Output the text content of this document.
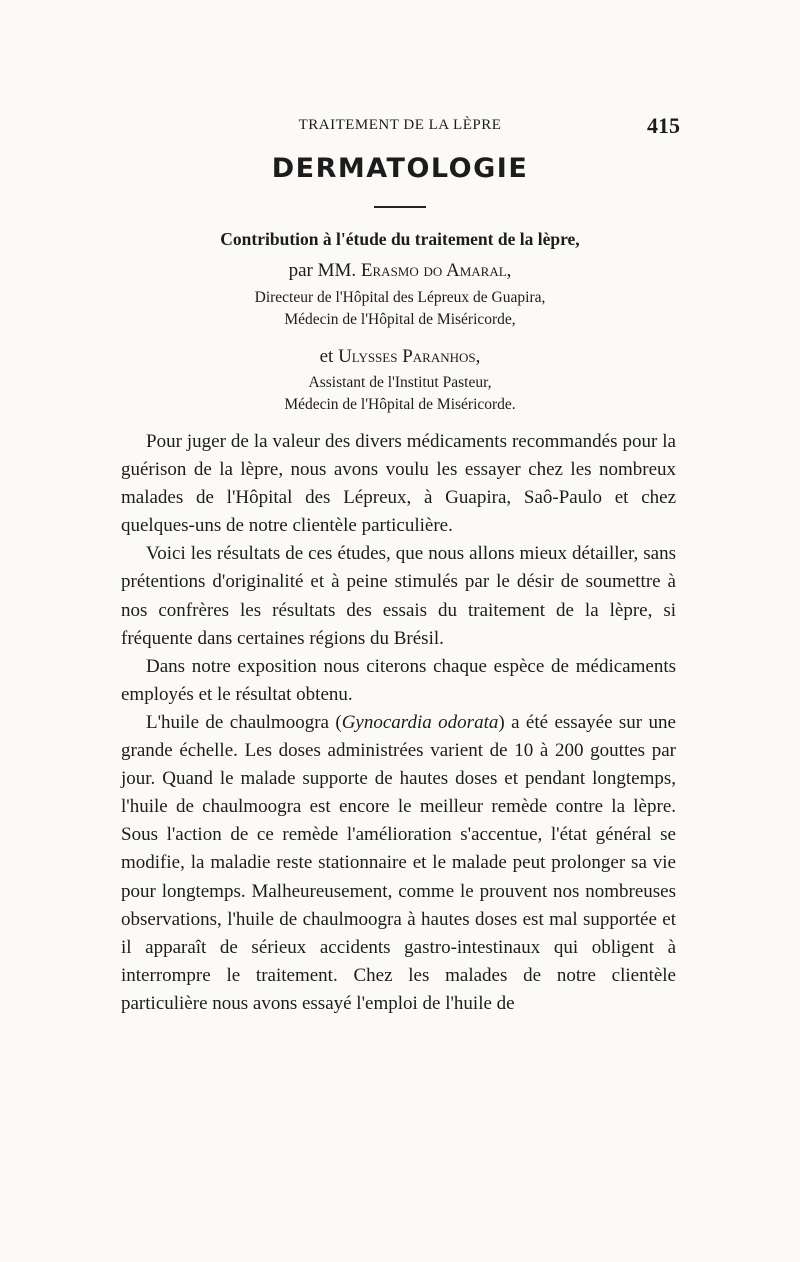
TRAITEMENT DE LA LÈPRE	415
DERMATOLOGIE
Contribution à l'étude du traitement de la lèpre,
par MM. Erasmo do Amaral,
Directeur de l'Hôpital des Lépreux de Guapira,
Médecin de l'Hôpital de Miséricorde,
et Ulysses Paranhos,
Assistant de l'Institut Pasteur,
Médecin de l'Hôpital de Miséricorde.

Pour juger de la valeur des divers médicaments recommandés pour la guérison de la lèpre, nous avons voulu les essayer chez les nombreux malades de l'Hôpital des Lépreux, à Guapira, Saô-Paulo et chez quelques-uns de notre clientèle particulière.

Voici les résultats de ces études, que nous allons mieux détailler, sans prétentions d'originalité et à peine stimulés par le désir de soumettre à nos confrères les résultats des essais du traitement de la lèpre, si fréquente dans certaines régions du Brésil.

Dans notre exposition nous citerons chaque espèce de médicaments employés et le résultat obtenu.

L'huile de chaulmoogra (Gynocardia odorata) a été essayée sur une grande échelle. Les doses administrées varient de 10 à 200 gouttes par jour. Quand le malade supporte de hautes doses et pendant longtemps, l'huile de chaulmoogra est encore le meilleur remède contre la lèpre. Sous l'action de ce remède l'amélioration s'accentue, l'état général se modifie, la maladie reste stationnaire et le malade peut prolonger sa vie pour longtemps. Malheureusement, comme le prouvent nos nombreuses observations, l'huile de chaulmoogra à hautes doses est mal supportée et il apparaît de sérieux accidents gastro-intestinaux qui obligent à interrompre le traitement. Chez les malades de notre clientèle particulière nous avons essayé l'emploi de l'huile de
